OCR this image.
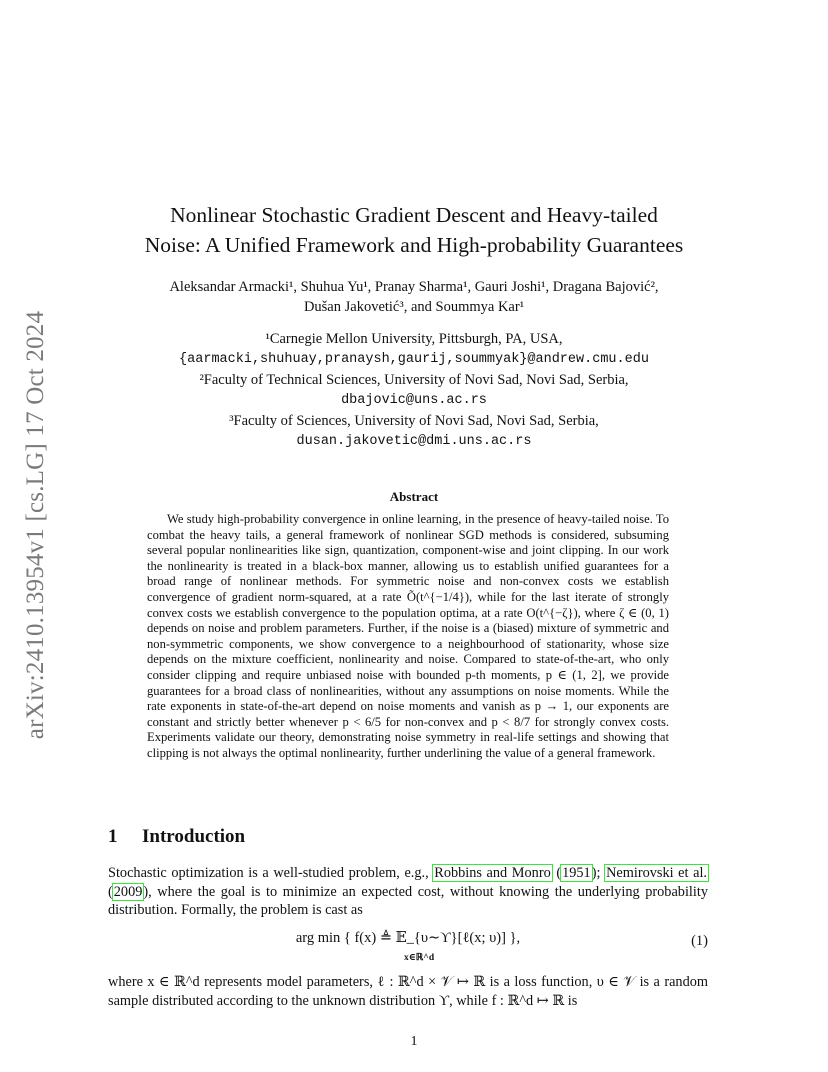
arXiv:2410.13954v1 [cs.LG] 17 Oct 2024
Nonlinear Stochastic Gradient Descent and Heavy-tailed
Noise: A Unified Framework and High-probability Guarantees
Aleksandar Armacki¹, Shuhua Yu¹, Pranay Sharma¹, Gauri Joshi¹, Dragana Bajović²,
Dušan Jakovetić³, and Soummya Kar¹
¹Carnegie Mellon University, Pittsburgh, PA, USA,
{aarmacki,shuhuay,pranaysh,gaurij,soummyak}@andrew.cmu.edu
²Faculty of Technical Sciences, University of Novi Sad, Novi Sad, Serbia,
dbajovic@uns.ac.rs
³Faculty of Sciences, University of Novi Sad, Novi Sad, Serbia,
dusan.jakovetic@dmi.uns.ac.rs
Abstract

We study high-probability convergence in online learning, in the presence of heavy-tailed noise. To combat the heavy tails, a general framework of nonlinear SGD methods is considered, subsuming several popular nonlinearities like sign, quantization, component-wise and joint clipping. In our work the nonlinearity is treated in a black-box manner, allowing us to establish unified guarantees for a broad range of nonlinear methods. For symmetric noise and non-convex costs we establish convergence of gradient norm-squared, at a rate Õ(t^{−1/4}), while for the last iterate of strongly convex costs we establish convergence to the population optima, at a rate O(t^{−ζ}), where ζ ∈ (0, 1) depends on noise and problem parameters. Further, if the noise is a (biased) mixture of symmetric and non-symmetric components, we show convergence to a neighbourhood of stationarity, whose size depends on the mixture coefficient, nonlinearity and noise. Compared to state-of-the-art, who only consider clipping and require unbiased noise with bounded p-th moments, p ∈ (1, 2], we provide guarantees for a broad class of nonlinearities, without any assumptions on noise moments. While the rate exponents in state-of-the-art depend on noise moments and vanish as p → 1, our exponents are constant and strictly better whenever p < 6/5 for non-convex and p < 8/7 for strongly convex costs. Experiments validate our theory, demonstrating noise symmetry in real-life settings and showing that clipping is not always the optimal nonlinearity, further underlining the value of a general framework.

1 Introduction

Stochastic optimization is a well-studied problem, e.g., Robbins and Monro (1951); Nemirovski et al. (2009), where the goal is to minimize an expected cost, without knowing the underlying probability distribution. Formally, the problem is cast as

arg min { f(x) ≜ 𝔼_{υ∼ϒ}[ℓ(x; υ)] },
x∈ℝ^d
(1)

where x ∈ ℝ^d represents model parameters, ℓ : ℝ^d × 𝒱 ↦ ℝ is a loss function, υ ∈ 𝒱 is a random sample distributed according to the unknown distribution ϒ, while f : ℝ^d ↦ ℝ is

1
